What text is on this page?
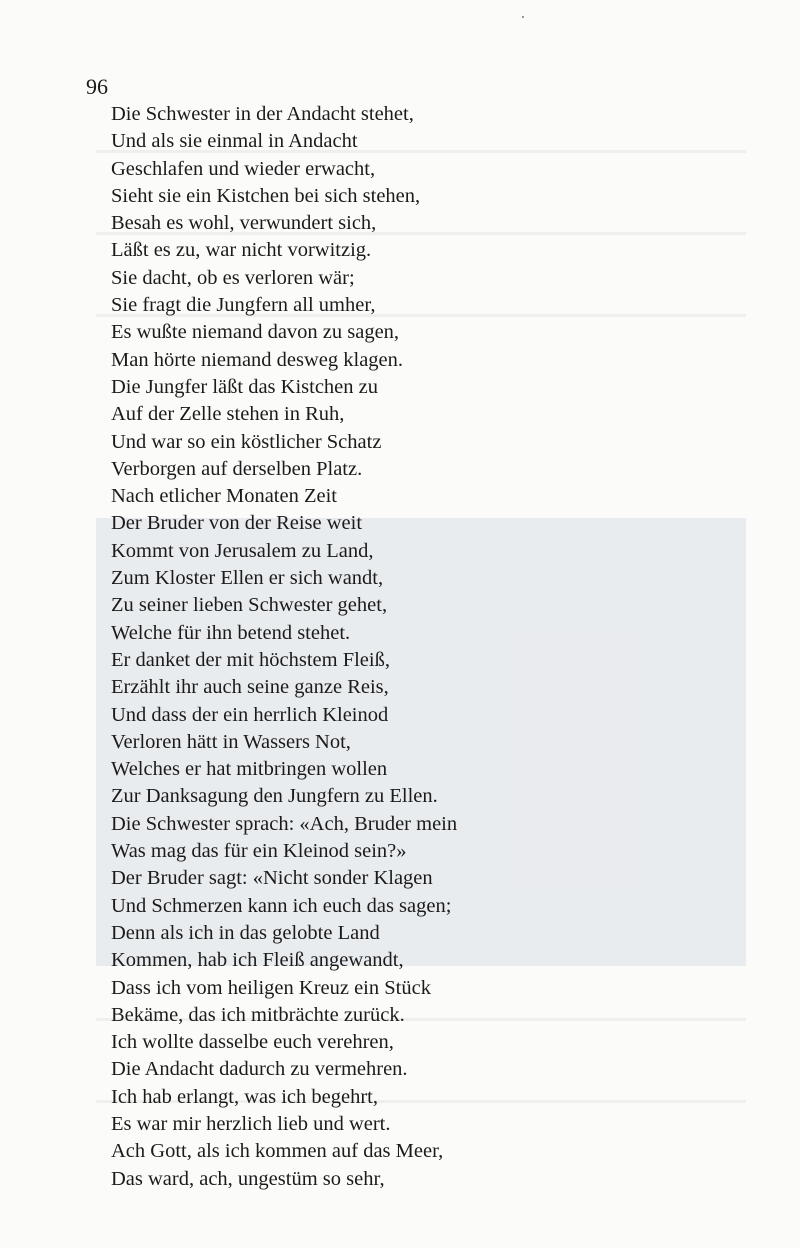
96
Die Schwester in der Andacht stehet,
Und als sie einmal in Andacht
Geschlafen und wieder erwacht,
Sieht sie ein Kistchen bei sich stehen,
Besah es wohl, verwundert sich,
Läßt es zu, war nicht vorwitzig.
Sie dacht, ob es verloren wär;
Sie fragt die Jungfern all umher,
Es wußte niemand davon zu sagen,
Man hörte niemand desweg klagen.
Die Jungfer läßt das Kistchen zu
Auf der Zelle stehen in Ruh,
Und war so ein köstlicher Schatz
Verborgen auf derselben Platz.
Nach etlicher Monaten Zeit
Der Bruder von der Reise weit
Kommt von Jerusalem zu Land,
Zum Kloster Ellen er sich wandt,
Zu seiner lieben Schwester gehet,
Welche für ihn betend stehet.
Er danket der mit höchstem Fleiß,
Erzählt ihr auch seine ganze Reis,
Und dass der ein herrlich Kleinod
Verloren hätt in Wassers Not,
Welches er hat mitbringen wollen
Zur Danksagung den Jungfern zu Ellen.
Die Schwester sprach: «Ach, Bruder mein
Was mag das für ein Kleinod sein?»
Der Bruder sagt: «Nicht sonder Klagen
Und Schmerzen kann ich euch das sagen;
Denn als ich in das gelobte Land
Kommen, hab ich Fleiß angewandt,
Dass ich vom heiligen Kreuz ein Stück
Bekäme, das ich mitbrächte zurück.
Ich wollte dasselbe euch verehren,
Die Andacht dadurch zu vermehren.
Ich hab erlangt, was ich begehrt,
Es war mir herzlich lieb und wert.
Ach Gott, als ich kommen auf das Meer,
Das ward, ach, ungestüm so sehr,
